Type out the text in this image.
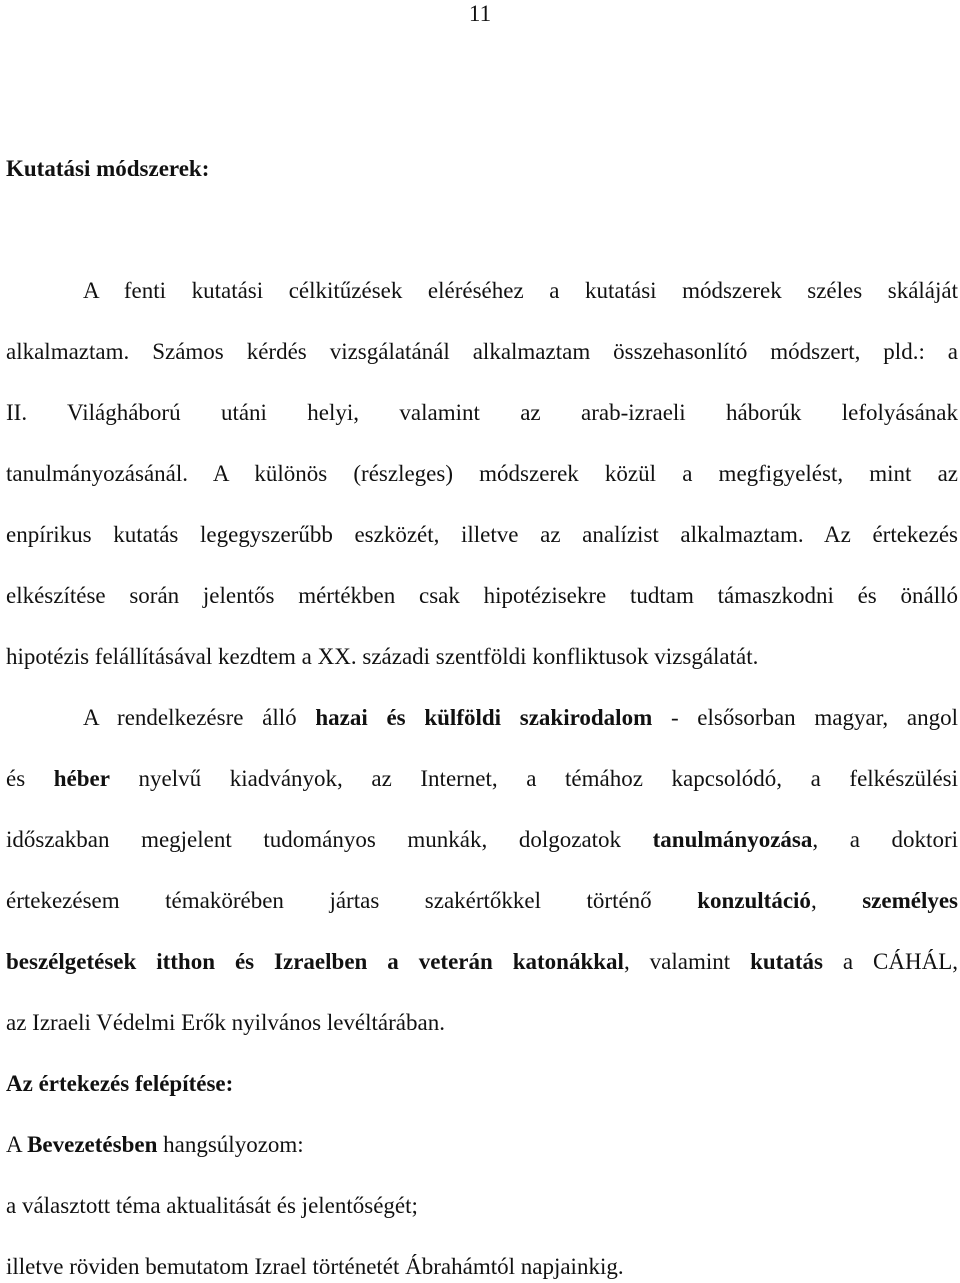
11
Kutatási módszerek:
A fenti kutatási célkitűzések eléréséhez a kutatási módszerek széles skáláját
alkalmaztam. Számos kérdés vizsgálatánál alkalmaztam összehasonlító módszert, pld.: a
II. Világháború utáni helyi, valamint az arab-izraeli háborúk lefolyásának
tanulmányozásánál. A különös (részleges) módszerek közül a megfigyelést, mint az
enpírikus kutatás legegyszerűbb eszközét, illetve az analízist alkalmaztam. Az értekezés
elkészítése során jelentős mértékben csak hipotézisekre tudtam támaszkodni és önálló
hipotézis felállításával kezdtem a XX. századi szentföldi konfliktusok vizsgálatát.
A rendelkezésre álló hazai és külföldi szakirodalom - elsősorban magyar, angol
és héber nyelvű kiadványok, az Internet, a témához kapcsolódó, a felkészülési
időszakban megjelent tudományos munkák, dolgozatok tanulmányozása, a doktori
értekezésem témakörében jártas szakértőkkel történő konzultáció, személyes
beszélgetések itthon és Izraelben a veterán katonákkal, valamint kutatás a CÁHÁL,
az Izraeli Védelmi Erők nyilvános levéltárában.
Az értekezés felépítése:
A Bevezetésben hangsúlyozom:
a választott téma aktualitását és jelentőségét;
illetve röviden bemutatom Izrael történetét Ábrahámtól napjainkig.
